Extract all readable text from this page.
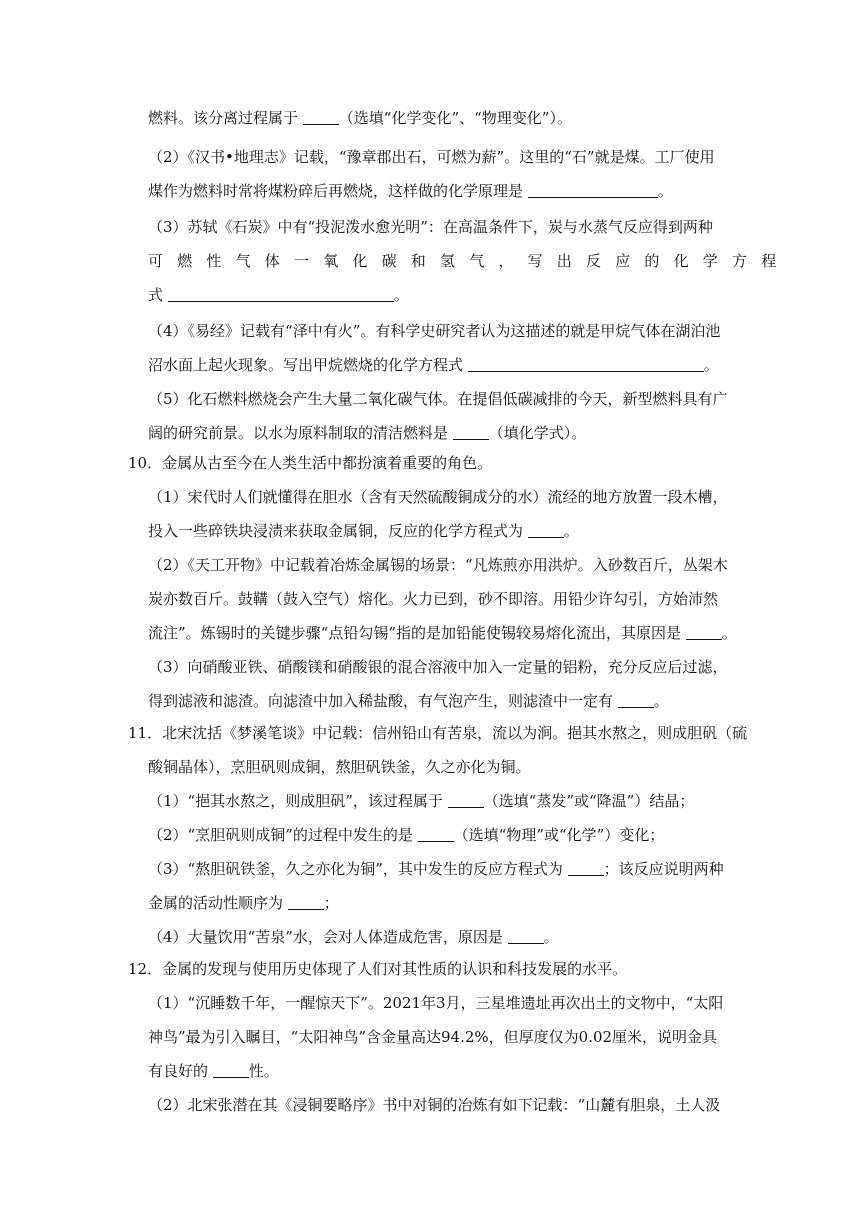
燃料。该分离过程属于 （选填“化学变化”、“物理变化”）。
（2）《汉书•地理志》记载，“豫章郡出石，可燃为薪”。这里的“石”就是煤。工厂使用
煤作为燃料时常将煤粉碎后再燃烧，这样做的化学原理是	。
（3）苏轼《石炭》中有“投泥泼水愈光明”：在高温条件下，炭与水蒸气反应得到两种
可燃性气体一氧化碳和氢气，写出反应的化学方程
式	。
（4）《易经》记载有“泽中有火”。有科学史研究者认为这描述的就是甲烷气体在湖泊池
沼水面上起火现象。写出甲烷燃烧的化学方程式	。
（5）化石燃料燃烧会产生大量二氧化碳气体。在提倡低碳减排的今天，新型燃料具有广
阔的研究前景。以水为原料制取的清洁燃料是 （填化学式）。
10．金属从古至今在人类生活中都扮演着重要的角色。
（1）宋代时人们就懂得在胆水（含有天然硫酸铜成分的水）流经的地方放置一段木槽，
投入一些碎铁块浸渍来获取金属铜，反应的化学方程式为 。
（2）《天工开物》中记载着冶炼金属锡的场景：“凡炼煎亦用洪炉。入砂数百斤，丛架木
炭亦数百斤。鼓鞲（鼓入空气）熔化。火力已到，砂不即溶。用铅少许勾引，方始沛然
流注”。炼锡时的关键步骤“点铅勾锡”指的是加铅能使锡较易熔化流出，其原因是 。
（3）向硝酸亚铁、硝酸镁和硝酸银的混合溶液中加入一定量的铝粉，充分反应后过滤，
得到滤液和滤渣。向滤渣中加入稀盐酸，有气泡产生，则滤渣中一定有 。
11．北宋沈括《梦溪笔谈》中记载：信州铅山有苦泉，流以为涧。挹其水熬之，则成胆矾（硫
酸铜晶体），烹胆矾则成铜，熬胆矾铁釜，久之亦化为铜。
（1）“挹其水熬之，则成胆矾”，该过程属于 （选填“蒸发”或“降温”）结晶；
（2）“烹胆矾则成铜”的过程中发生的是 （选填“物理”或“化学”）变化；
（3）“熬胆矾铁釜，久之亦化为铜”，其中发生的反应方程式为 ；该反应说明两种
金属的活动性顺序为 ；
（4）大量饮用“苦泉”水，会对人体造成危害，原因是 。
12．金属的发现与使用历史体现了人们对其性质的认识和科技发展的水平。
（1）“沉睡数千年，一醒惊天下”。2021年3月，三星堆遗址再次出土的文物中，“太阳
神鸟”最为引入瞩目，“太阳神鸟”含金量高达94.2%，但厚度仅为0.02厘米，说明金具
有良好的 性。
（2）北宋张潜在其《浸铜要略序》书中对铜的冶炼有如下记载：“山麓有胆泉，土人汲
